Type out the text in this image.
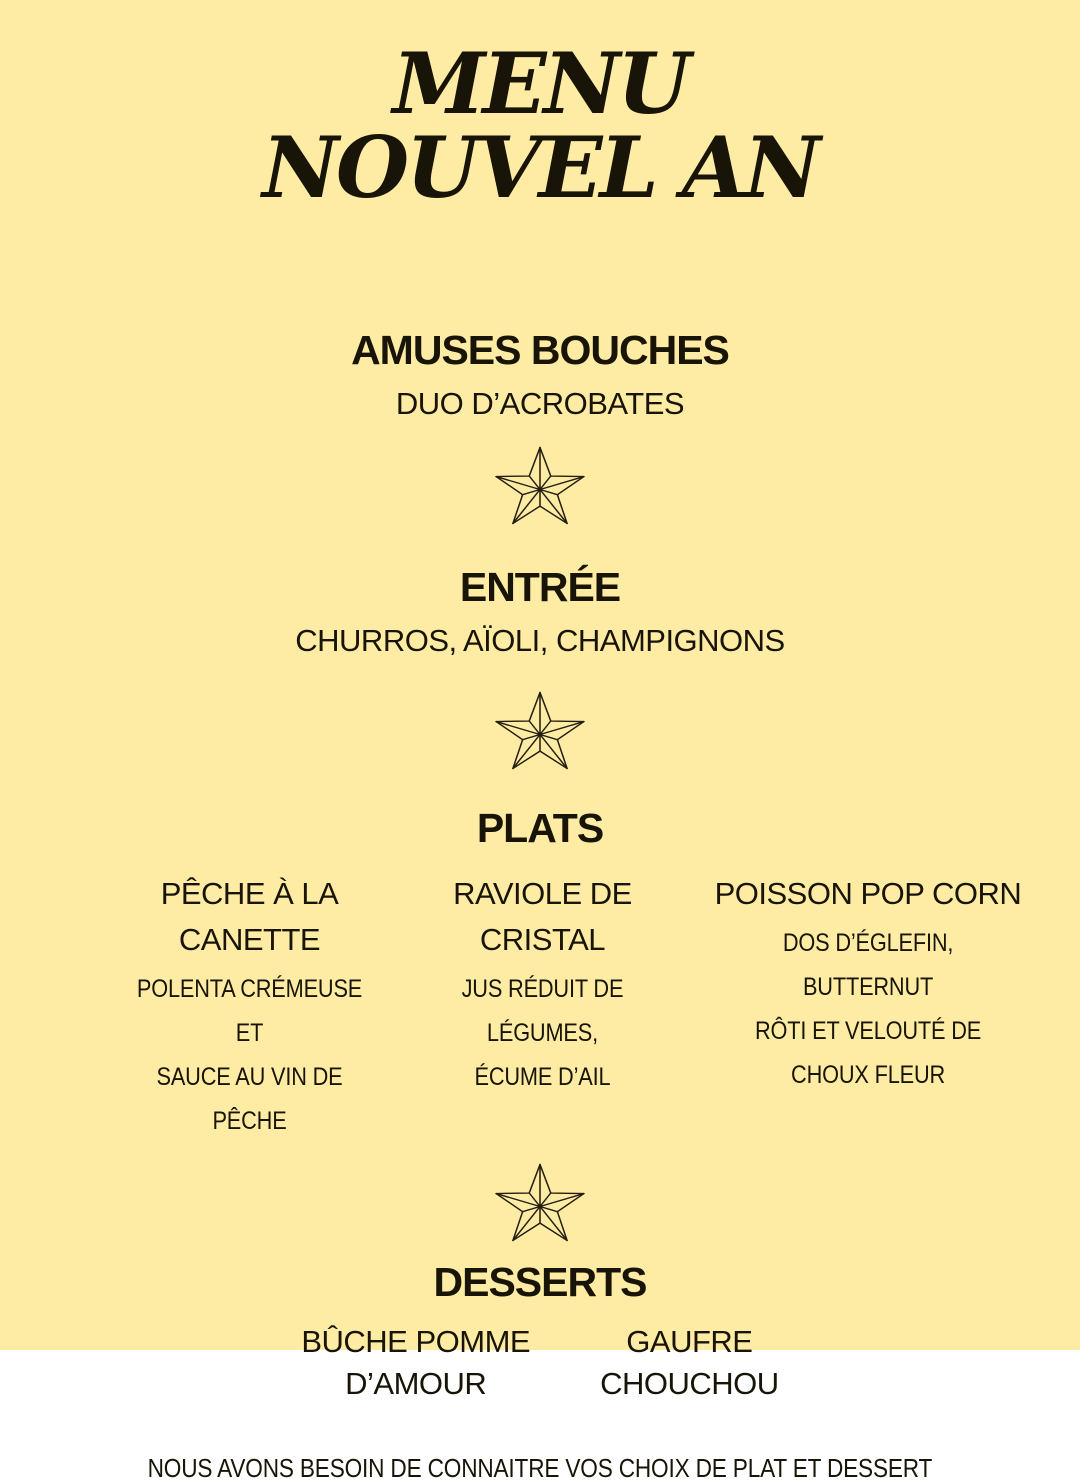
MENU
NOUVEL AN
AMUSES BOUCHES
DUO D’ACROBATES
ENTRÉE
CHURROS, AÏOLI, CHAMPIGNONS
PLATS
PÊCHE À LA
CANETTE
POLENTA CRÉMEUSE ET
SAUCE AU VIN DE PÊCHE
RAVIOLE DE
CRISTAL
JUS RÉDUIT DE LÉGUMES,
ÉCUME D’AIL
POISSON POP CORN
DOS D’ÉGLEFIN, BUTTERNUT
RÔTI ET VELOUTÉ DE
CHOUX FLEUR
DESSERTS
BÛCHE POMME
D’AMOUR
GAUFRE
CHOUCHOU
NOUS AVONS BESOIN DE CONNAITRE VOS CHOIX DE PLAT ET DESSERT
